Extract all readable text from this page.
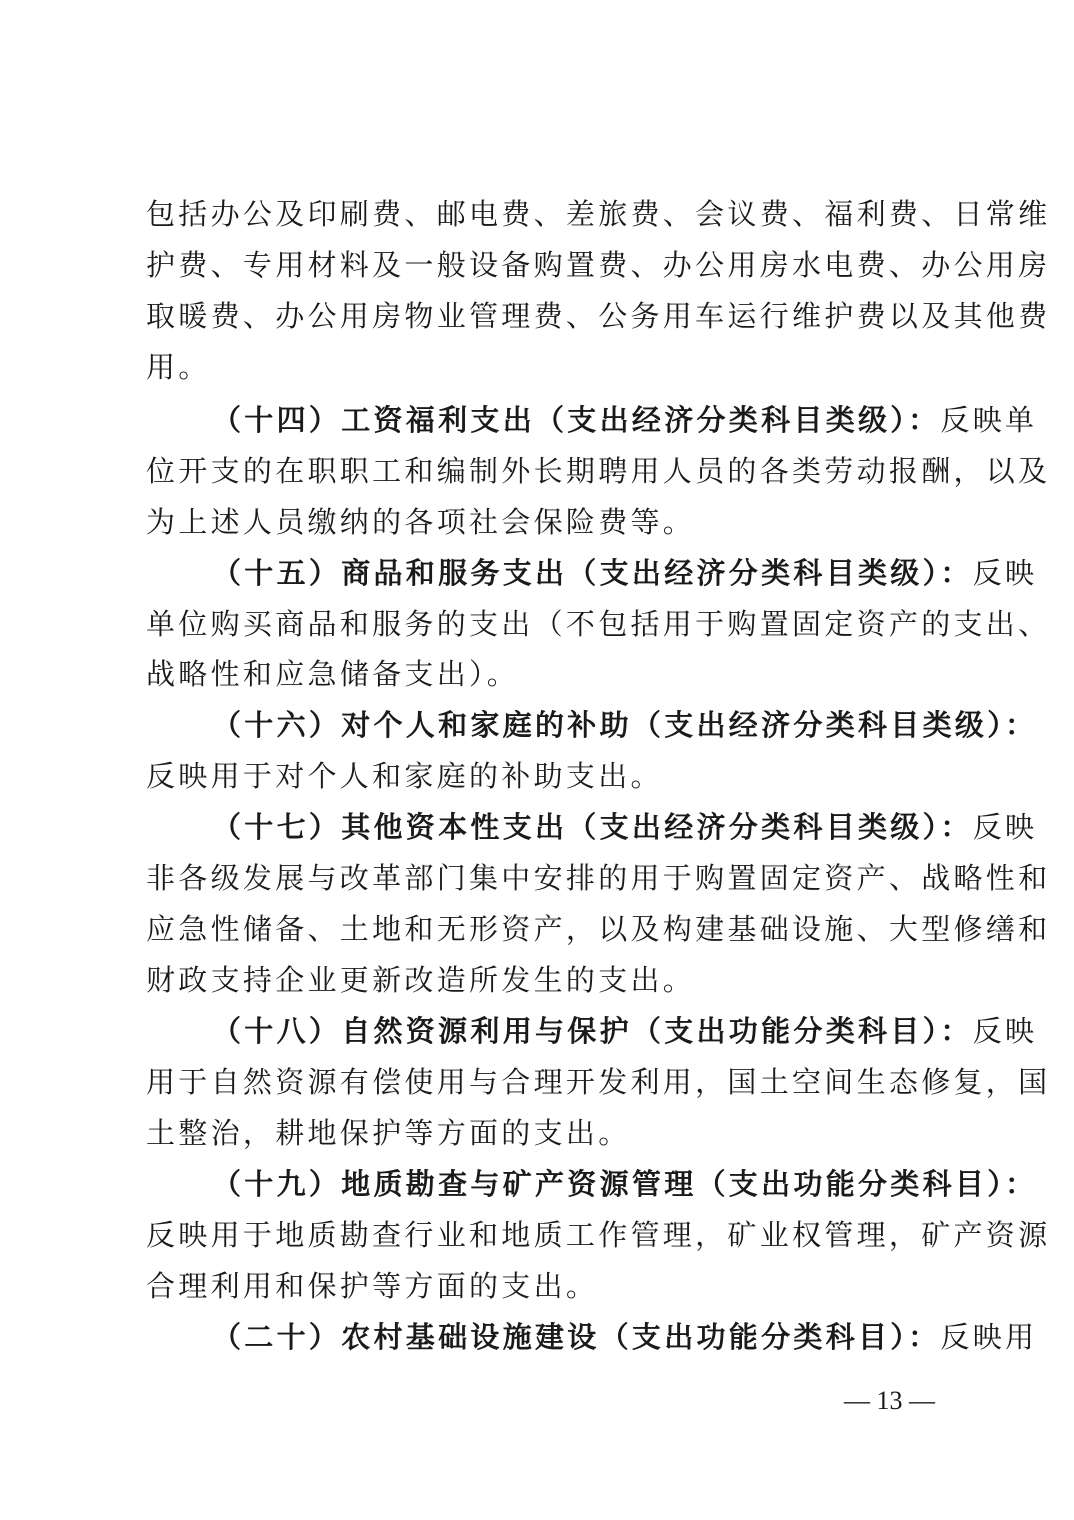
包括办公及印刷费、邮电费、差旅费、会议费、福利费、日常维
护费、专用材料及一般设备购置费、办公用房水电费、办公用房
取暖费、办公用房物业管理费、公务用车运行维护费以及其他费
用。
（十四）工资福利支出（支出经济分类科目类级）：反映单
位开支的在职职工和编制外长期聘用人员的各类劳动报酬，以及
为上述人员缴纳的各项社会保险费等。
（十五）商品和服务支出（支出经济分类科目类级）：反映
单位购买商品和服务的支出（不包括用于购置固定资产的支出、
战略性和应急储备支出）。
（十六）对个人和家庭的补助（支出经济分类科目类级）：
反映用于对个人和家庭的补助支出。
（十七）其他资本性支出（支出经济分类科目类级）：反映
非各级发展与改革部门集中安排的用于购置固定资产、战略性和
应急性储备、土地和无形资产，以及构建基础设施、大型修缮和
财政支持企业更新改造所发生的支出。
（十八）自然资源利用与保护（支出功能分类科目）：反映
用于自然资源有偿使用与合理开发利用，国土空间生态修复，国
土整治，耕地保护等方面的支出。
（十九）地质勘查与矿产资源管理（支出功能分类科目）：
反映用于地质勘查行业和地质工作管理，矿业权管理，矿产资源
合理利用和保护等方面的支出。
（二十）农村基础设施建设（支出功能分类科目）：反映用
— 13 —
